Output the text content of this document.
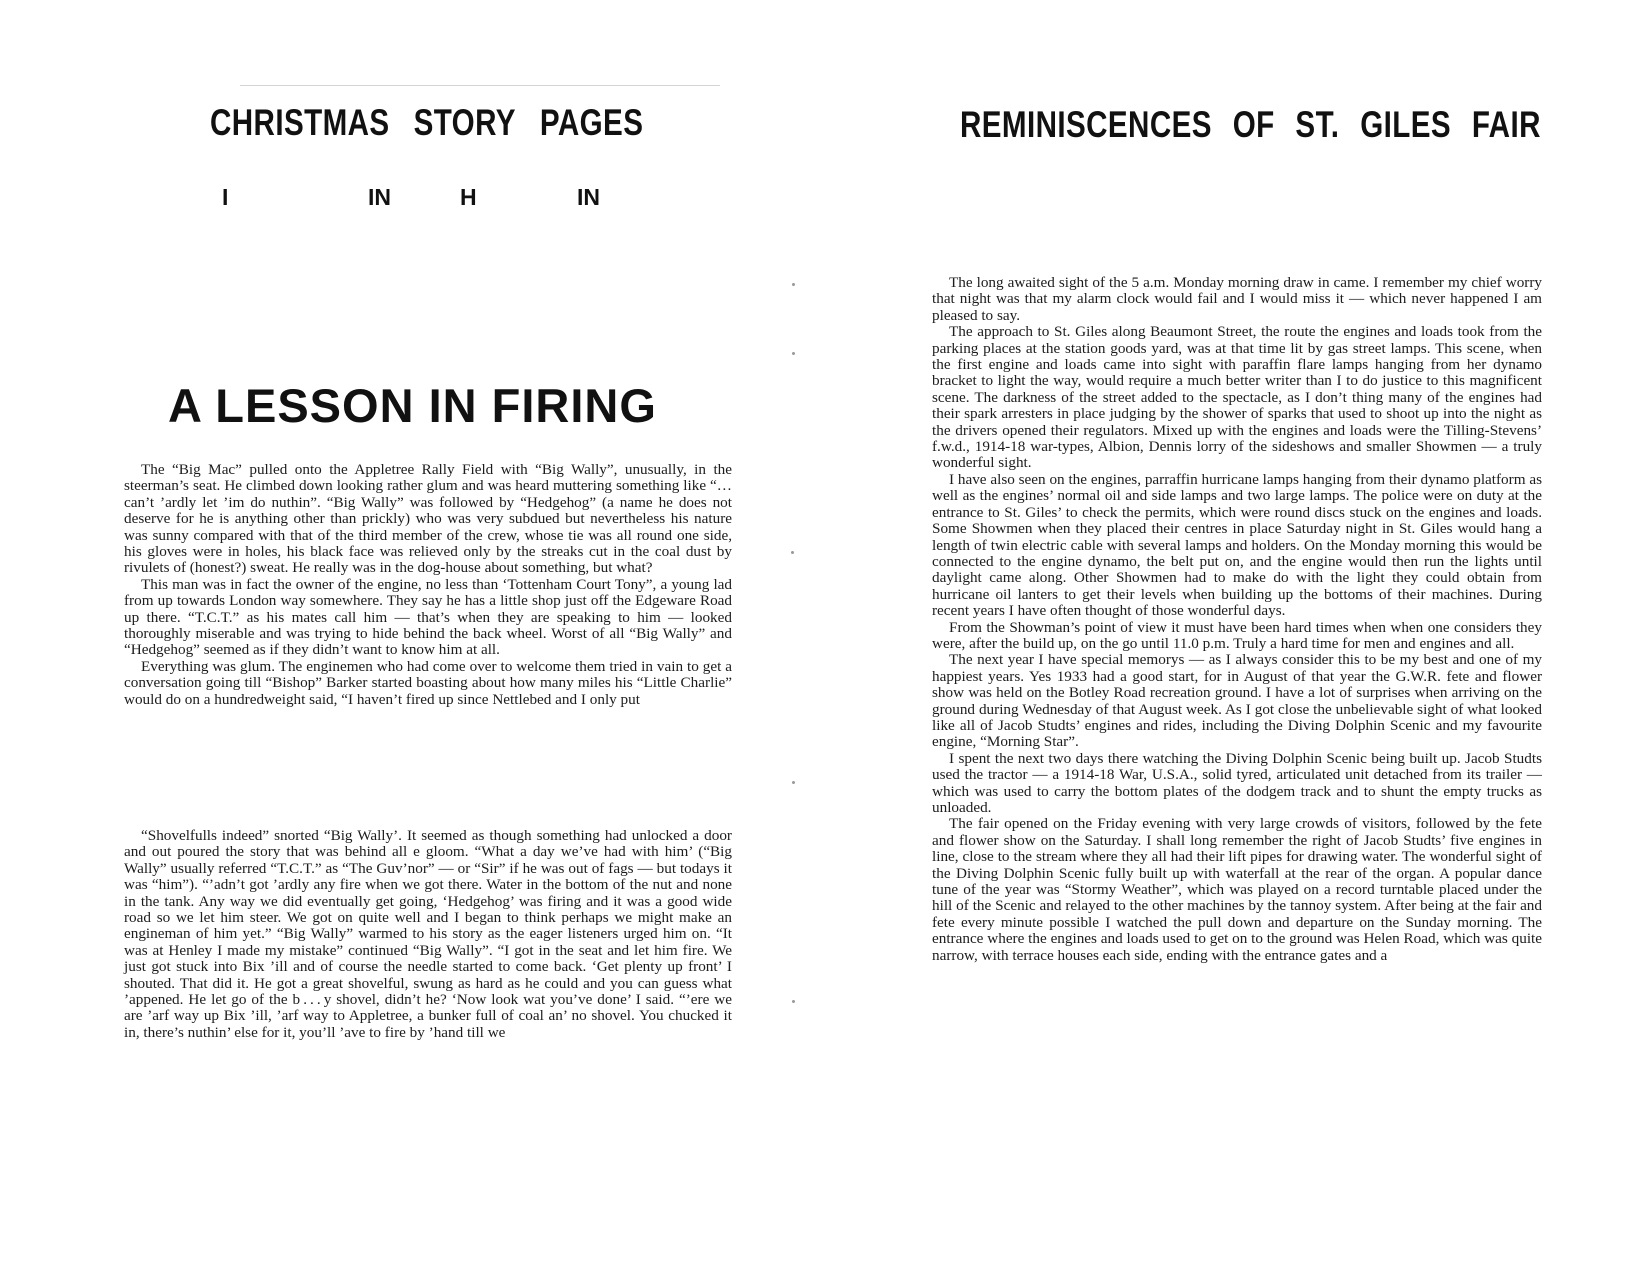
CHRISTMAS STORY PAGES
I	IN	H	IN
A LESSON IN FIRING

The “Big Mac” pulled onto the Appletree Rally Field with “Big Wally”, unusually, in the steerman’s seat. He climbed down looking rather glum and was heard muttering something like “… can’t ’ardly let ’im do nuthin”. “Big Wally” was followed by “Hedgehog” (a name he does not deserve for he is anything other than prickly) who was very subdued but nevertheless his nature was sunny compared with that of the third member of the crew, whose tie was all round one side, his gloves were in holes, his black face was relieved only by the streaks cut in the coal dust by rivulets of (honest?) sweat. He really was in the dog-house about something, but what?

This man was in fact the owner of the engine, no less than ‘Tottenham Court Tony”, a young lad from up towards London way somewhere. They say he has a little shop just off the Edgeware Road up there. “T.C.T.” as his mates call him — that’s when they are speaking to him — looked thoroughly miserable and was trying to hide behind the back wheel. Worst of all “Big Wally” and “Hedgehog” seemed as if they didn’t want to know him at all.

Everything was glum. The enginemen who had come over to welcome them tried in vain to get a conversation going till “Bishop” Barker started boasting about how many miles his “Little Charlie” would do on a hundredweight said, “I haven’t fired up since Nettlebed and I only put

“Shovelfulls indeed” snorted “Big Wally’. It seemed as though something had unlocked a door and out poured the story that was behind all e gloom. “What a day we’ve had with him’ (“Big Wally” usually referred “T.C.T.” as “The Guv’nor” — or “Sir” if he was out of fags — but todays it was “him”). “’adn’t got ’ardly any fire when we got there. Water in the bottom of the nut and none in the tank. Any way we did eventually get going, ‘Hedgehog’ was firing and it was a good wide road so we let him steer. We got on quite well and I began to think perhaps we might make an engineman of him yet.” “Big Wally” warmed to his story as the eager listeners urged him on. “It was at Henley I made my mistake” continued “Big Wally”. “I got in the seat and let him fire. We just got stuck into Bix ’ill and of course the needle started to come back. ‘Get plenty up front’ I shouted. That did it. He got a great shovelful, swung as hard as he could and you can guess what ’appened. He let go of the b . . . y shovel, didn’t he? ‘Now look wat you’ve done’ I said. “’ere we are ’arf way up Bix ’ill, ’arf way to Appletree, a bunker full of coal an’ no shovel. You chucked it in, there’s nuthin’ else for it, you’ll ’ave to fire by ’hand till we

REMINISCENCES OF ST. GILES FAIR

The long awaited sight of the 5 a.m. Monday morning draw in came. I remember my chief worry that night was that my alarm clock would fail and I would miss it — which never happened I am pleased to say.

The approach to St. Giles along Beaumont Street, the route the engines and loads took from the parking places at the station goods yard, was at that time lit by gas street lamps. This scene, when the first engine and loads came into sight with paraffin flare lamps hanging from her dynamo bracket to light the way, would require a much better writer than I to do justice to this magnificent scene. The darkness of the street added to the spectacle, as I don’t thing many of the engines had their spark arresters in place judging by the shower of sparks that used to shoot up into the night as the drivers opened their regulators. Mixed up with the engines and loads were the Tilling-Stevens’ f.w.d., 1914-18 war-types, Albion, Dennis lorry of the sideshows and smaller Showmen — a truly wonderful sight.

I have also seen on the engines, parraffin hurricane lamps hanging from their dynamo platform as well as the engines’ normal oil and side lamps and two large lamps. The police were on duty at the entrance to St. Giles’ to check the permits, which were round discs stuck on the engines and loads. Some Showmen when they placed their centres in place Saturday night in St. Giles would hang a length of twin electric cable with several lamps and holders. On the Monday morning this would be connected to the engine dynamo, the belt put on, and the engine would then run the lights until daylight came along. Other Showmen had to make do with the light they could obtain from hurricane oil lanters to get their levels when building up the bottoms of their machines. During recent years I have often thought of those wonderful days.

From the Showman’s point of view it must have been hard times when when one considers they were, after the build up, on the go until 11.0 p.m. Truly a hard time for men and engines and all.

The next year I have special memorys — as I always consider this to be my best and one of my happiest years. Yes 1933 had a good start, for in August of that year the G.W.R. fete and flower show was held on the Botley Road recreation ground. I have a lot of surprises when arriving on the ground during Wednesday of that August week. As I got close the unbelievable sight of what looked like all of Jacob Studts’ engines and rides, including the Diving Dolphin Scenic and my favourite engine, “Morning Star”.

I spent the next two days there watching the Diving Dolphin Scenic being built up. Jacob Studts used the tractor — a 1914-18 War, U.S.A., solid tyred, articulated unit detached from its trailer — which was used to carry the bottom plates of the dodgem track and to shunt the empty trucks as unloaded.

The fair opened on the Friday evening with very large crowds of visitors, followed by the fete and flower show on the Saturday. I shall long remember the right of Jacob Studts’ five engines in line, close to the stream where they all had their lift pipes for drawing water. The wonderful sight of the Diving Dolphin Scenic fully built up with waterfall at the rear of the organ. A popular dance tune of the year was “Stormy Weather”, which was played on a record turntable placed under the hill of the Scenic and relayed to the other machines by the tannoy system. After being at the fair and fete every minute possible I watched the pull down and departure on the Sunday morning. The entrance where the engines and loads used to get on to the ground was Helen Road, which was quite narrow, with terrace houses each side, ending with the entrance gates and a
